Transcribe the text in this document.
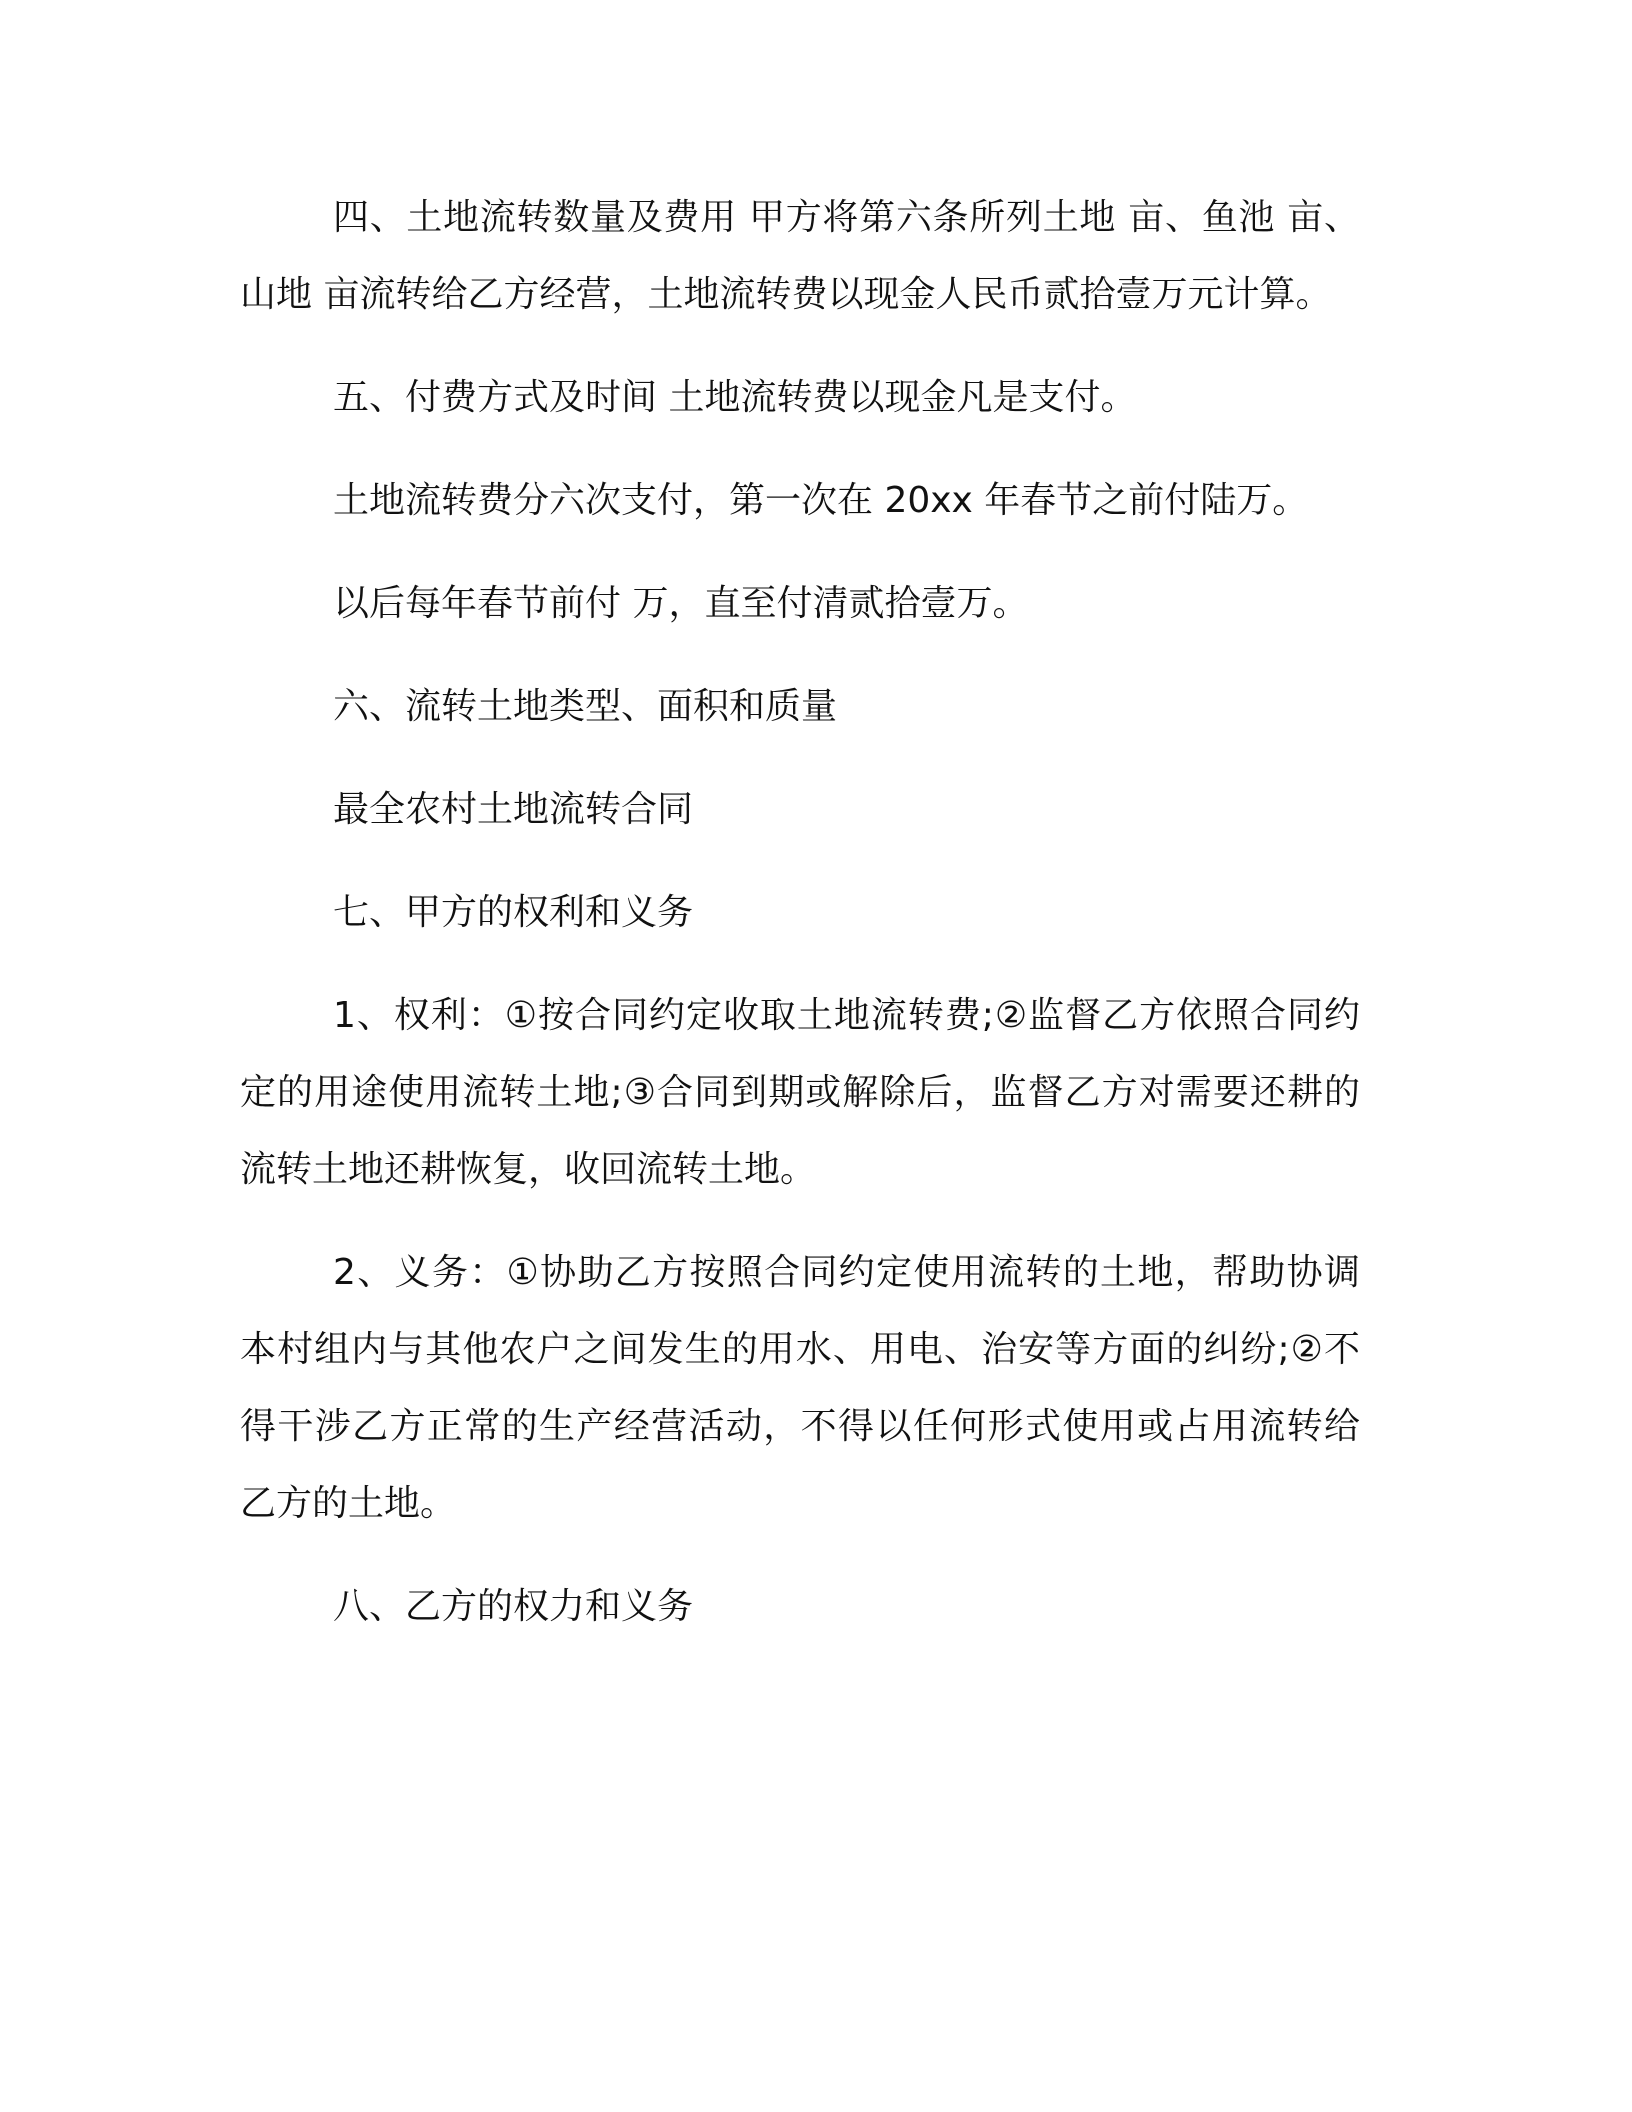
四、土地流转数量及费用 甲方将第六条所列土地 亩、鱼池 亩、
山地 亩流转给乙方经营，土地流转费以现金人民币贰拾壹万元计算。
五、付费方式及时间 土地流转费以现金凡是支付。
土地流转费分六次支付，第一次在 20xx 年春节之前付陆万。
以后每年春节前付 万，直至付清贰拾壹万。
六、流转土地类型、面积和质量
最全农村土地流转合同
七、甲方的权利和义务
1、权利：①按合同约定收取土地流转费;②监督乙方依照合同约
定的用途使用流转土地;③合同到期或解除后，监督乙方对需要还耕的
流转土地还耕恢复，收回流转土地。
2、义务：①协助乙方按照合同约定使用流转的土地，帮助协调
本村组内与其他农户之间发生的用水、用电、治安等方面的纠纷;②不
得干涉乙方正常的生产经营活动，不得以任何形式使用或占用流转给
乙方的土地。
八、乙方的权力和义务
